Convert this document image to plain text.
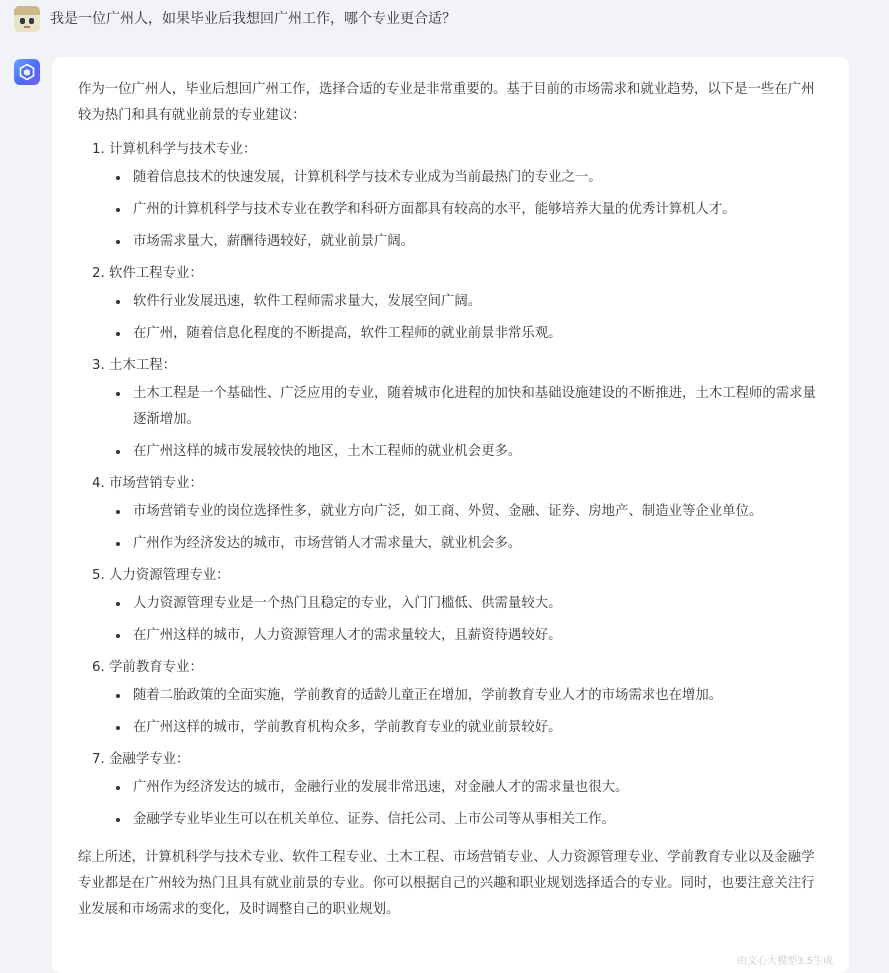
我是一位广州人，如果毕业后我想回广州工作，哪个专业更合适？

作为一位广州人，毕业后想回广州工作，选择合适的专业是非常重要的。基于目前的市场需求和就业趋势，以下是一些在广州较为热门和具有就业前景的专业建议：

1. 计算机科学与技术专业：
随着信息技术的快速发展，计算机科学与技术专业成为当前最热门的专业之一。
广州的计算机科学与技术专业在教学和科研方面都具有较高的水平，能够培养大量的优秀计算机人才。
市场需求量大，薪酬待遇较好，就业前景广阔。
2. 软件工程专业：
软件行业发展迅速，软件工程师需求量大，发展空间广阔。
在广州，随着信息化程度的不断提高，软件工程师的就业前景非常乐观。
3. 土木工程：
土木工程是一个基础性、广泛应用的专业，随着城市化进程的加快和基础设施建设的不断推进，土木工程师的需求量逐渐增加。
在广州这样的城市发展较快的地区，土木工程师的就业机会更多。
4. 市场营销专业：
市场营销专业的岗位选择性多，就业方向广泛，如工商、外贸、金融、证券、房地产、制造业等企业单位。
广州作为经济发达的城市，市场营销人才需求量大，就业机会多。
5. 人力资源管理专业：
人力资源管理专业是一个热门且稳定的专业，入门门槛低、供需量较大。
在广州这样的城市，人力资源管理人才的需求量较大，且薪资待遇较好。
6. 学前教育专业：
随着二胎政策的全面实施，学前教育的适龄儿童正在增加，学前教育专业人才的市场需求也在增加。
在广州这样的城市，学前教育机构众多，学前教育专业的就业前景较好。
7. 金融学专业：
广州作为经济发达的城市，金融行业的发展非常迅速，对金融人才的需求量也很大。
金融学专业毕业生可以在机关单位、证券、信托公司、上市公司等从事相关工作。

综上所述，计算机科学与技术专业、软件工程专业、土木工程、市场营销专业、人力资源管理专业、学前教育专业以及金融学专业都是在广州较为热门且具有就业前景的专业。你可以根据自己的兴趣和职业规划选择适合的专业。同时，也要注意关注行业发展和市场需求的变化，及时调整自己的职业规划。

由文心大模型3.5生成
